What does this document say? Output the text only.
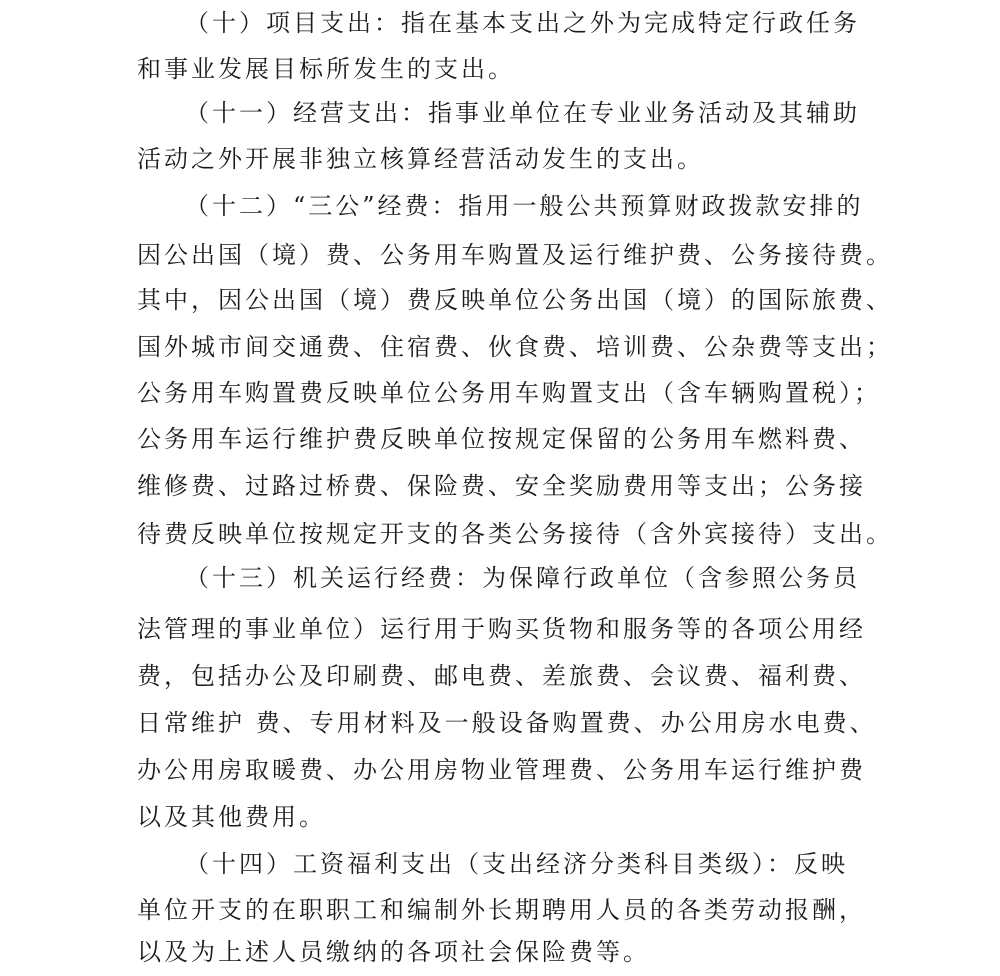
（十）项目支出：指在基本支出之外为完成特定行政任务
和事业发展目标所发生的支出。
（十一）经营支出：指事业单位在专业业务活动及其辅助
活动之外开展非独立核算经营活动发生的支出。
（十二）“三公”经费：指用一般公共预算财政拨款安排的
因公出国（境）费、公务用车购置及运行维护费、公务接待费。
其中，因公出国（境）费反映单位公务出国（境）的国际旅费、
国外城市间交通费、住宿费、伙食费、培训费、公杂费等支出；
公务用车购置费反映单位公务用车购置支出（含车辆购置税）；
公务用车运行维护费反映单位按规定保留的公务用车燃料费、
维修费、过路过桥费、保险费、安全奖励费用等支出；公务接
待费反映单位按规定开支的各类公务接待（含外宾接待）支出。
（十三）机关运行经费：为保障行政单位（含参照公务员
法管理的事业单位）运行用于购买货物和服务等的各项公用经
费，包括办公及印刷费、邮电费、差旅费、会议费、福利费、
日常维护 费、专用材料及一般设备购置费、办公用房水电费、
办公用房取暖费、办公用房物业管理费、公务用车运行维护费
以及其他费用。
（十四）工资福利支出（支出经济分类科目类级）：反映
单位开支的在职职工和编制外长期聘用人员的各类劳动报酬，
以及为上述人员缴纳的各项社会保险费等。
